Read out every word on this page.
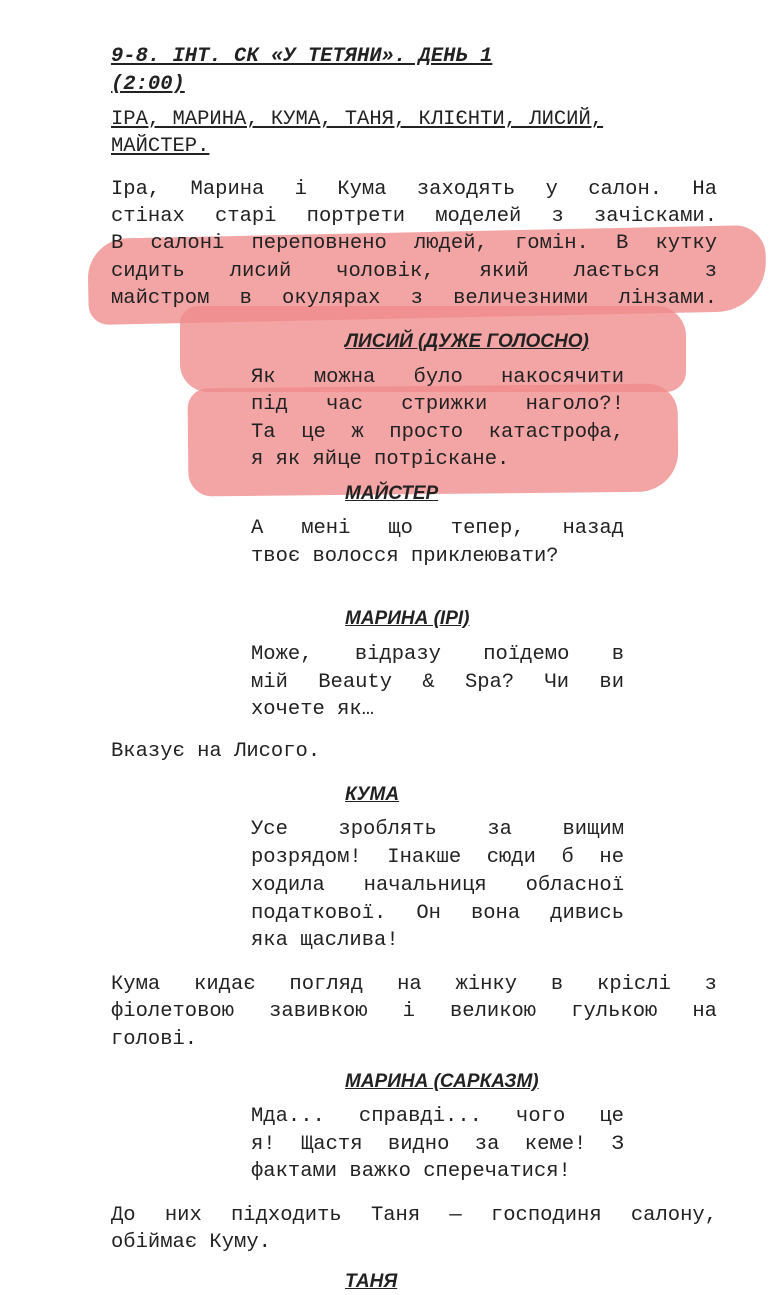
9-8. ІНТ. СК «У ТЕТЯНИ». ДЕНЬ 1
(2:00)
ІРА, МАРИНА, КУМА, ТАНЯ, КЛІЄНТИ, ЛИСИЙ,
МАЙСТЕР.
Іра, Марина і Кума заходять у салон. На
стінах старі портрети моделей з зачісками.
В салоні переповнено людей, гомін. В кутку
сидить лисий чоловік, який лається з
майстром в окулярах з величезними лінзами.
ЛИСИЙ (ДУЖЕ ГОЛОСНО)
Як можна було накосячити
під час стрижки наголо?!
Та це ж просто катастрофа,
я як яйце потріскане.
МАЙСТЕР
А мені що тепер, назад
твоє волосся приклеювати?
МАРИНА (ІРІ)
Може, відразу поїдемо в
мій Beauty & Spa? Чи ви
хочете як…
Вказує на Лисого.
КУМА
Усе зроблять за вищим
розрядом! Інакше сюди б не
ходила начальниця обласної
податкової. Он вона дивись
яка щаслива!
Кума кидає погляд на жінку в кріслі з
фіолетовою завивкою і великою гулькою на
голові.
МАРИНА (САРКАЗМ)
Мда... справді... чого це
я! Щастя видно за кеме! З
фактами важко сперечатися!
До них підходить Таня — господиня салону,
обіймає Куму.
ТАНЯ
